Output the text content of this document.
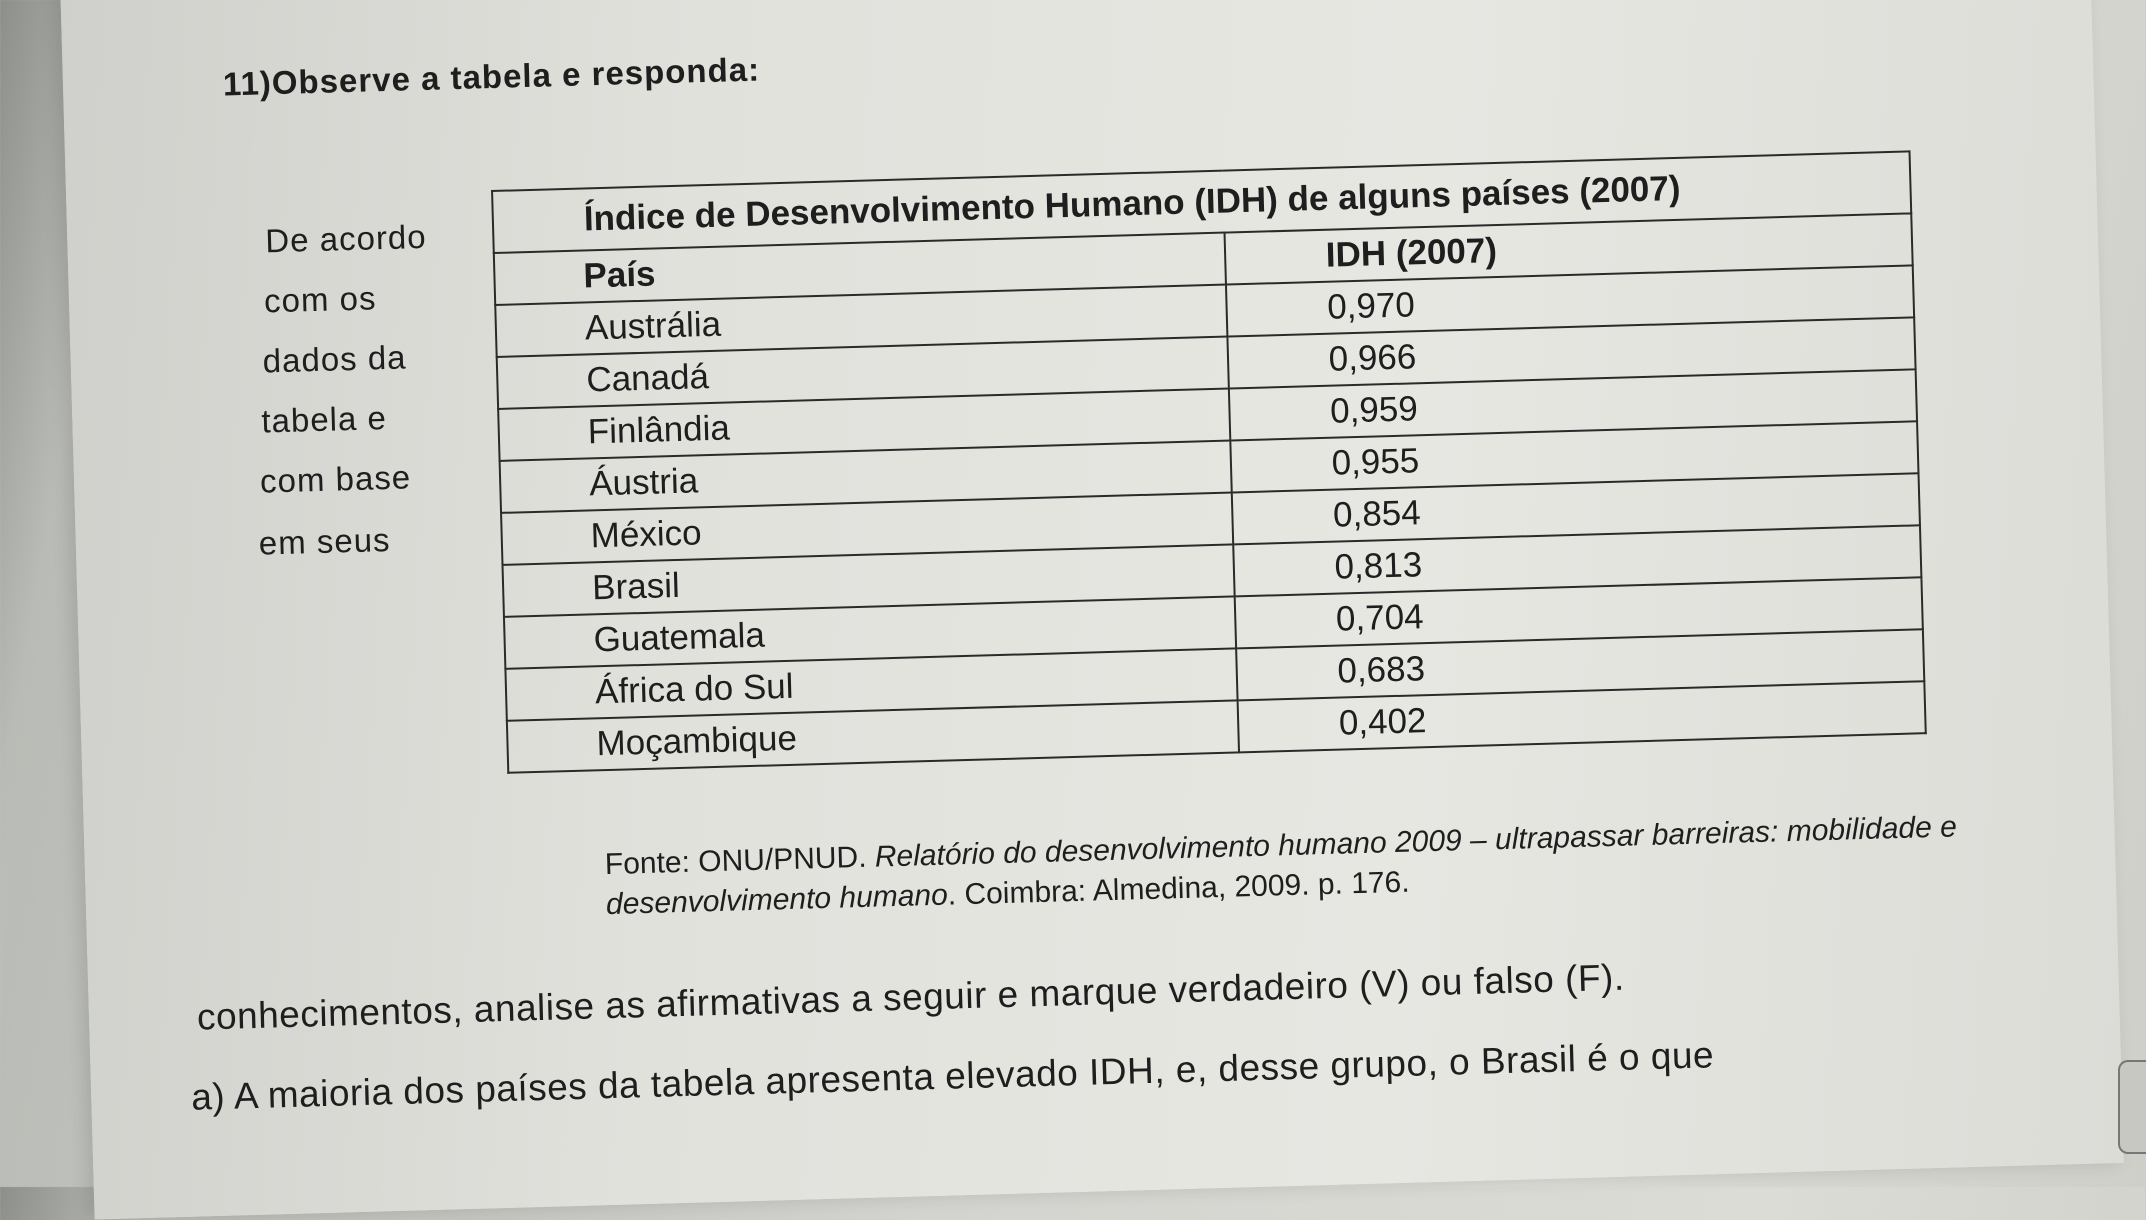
11)Observe a tabela e responda:
De acordo
com os
dados da
tabela e
com base
em seus
Índice de Desenvolvimento Humano (IDH) de alguns países (2007)	
País	IDH (2007)
Austrália	0,970
Canadá	0,966
Finlândia	0,959
Áustria	0,955
México	0,854
Brasil	0,813
Guatemala	0,704
África do Sul	0,683
Moçambique	0,402
Fonte: ONU/PNUD. Relatório do desenvolvimento humano 2009 – ultrapassar barreiras: mobilidade e desenvolvimento humano. Coimbra: Almedina, 2009. p. 176.
conhecimentos, analise as afirmativas a seguir e marque verdadeiro (V) ou falso (F).
a) A maioria dos países da tabela apresenta elevado IDH, e, desse grupo, o Brasil é o que
